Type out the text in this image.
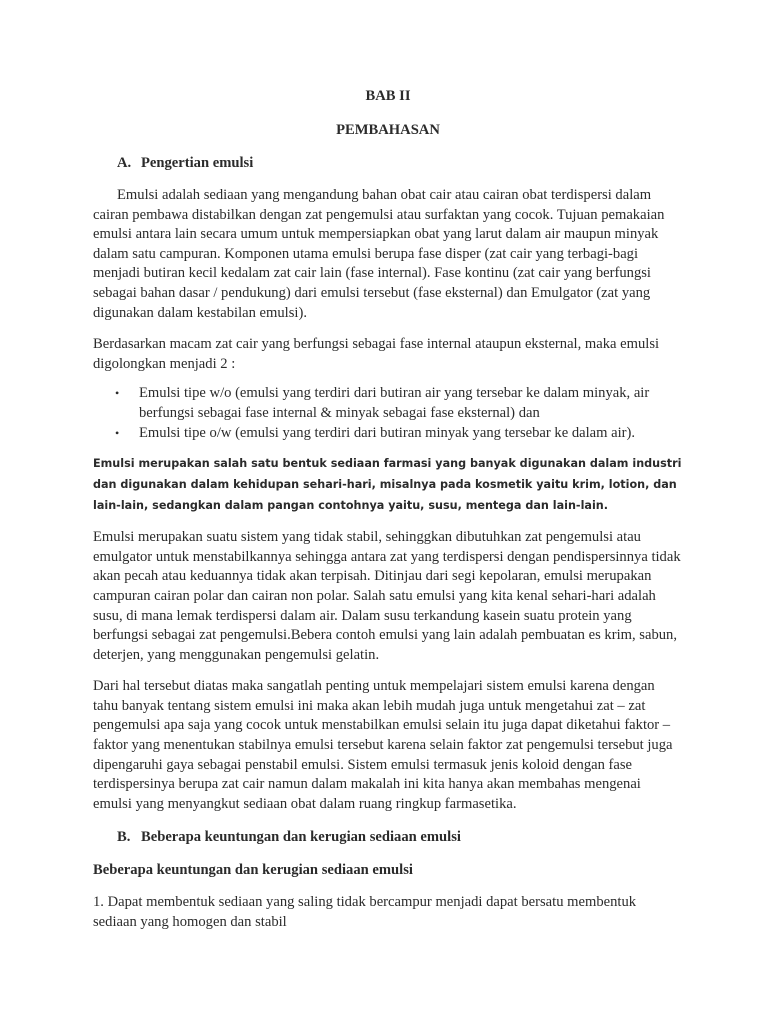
BAB II

PEMBAHASAN

A. Pengertian emulsi

Emulsi adalah sediaan yang mengandung bahan obat cair atau cairan obat terdispersi dalam cairan pembawa distabilkan dengan zat pengemulsi atau surfaktan yang cocok. Tujuan pemakaian emulsi antara lain secara umum untuk mempersiapkan obat yang larut dalam air maupun minyak dalam satu campuran. Komponen utama emulsi berupa fase disper (zat cair yang terbagi-bagi menjadi butiran kecil kedalam zat cair lain (fase internal). Fase kontinu (zat cair yang berfungsi sebagai bahan dasar / pendukung) dari emulsi tersebut (fase eksternal) dan Emulgator (zat yang digunakan dalam kestabilan emulsi).

Berdasarkan macam zat cair yang berfungsi sebagai fase internal ataupun eksternal, maka emulsi digolongkan menjadi 2 :

• Emulsi tipe w/o (emulsi yang terdiri dari butiran air yang tersebar ke dalam minyak, air berfungsi sebagai fase internal & minyak sebagai fase eksternal) dan
• Emulsi tipe o/w (emulsi yang terdiri dari butiran minyak yang tersebar ke dalam air).

Emulsi merupakan salah satu bentuk sediaan farmasi yang banyak digunakan dalam industri dan digunakan dalam kehidupan sehari-hari, misalnya pada kosmetik yaitu krim, lotion, dan lain-lain, sedangkan dalam pangan contohnya yaitu, susu, mentega dan lain-lain.

Emulsi merupakan suatu sistem yang tidak stabil, sehinggkan dibutuhkan zat pengemulsi atau emulgator untuk menstabilkannya sehingga antara zat yang terdispersi dengan pendispersinnya tidak akan pecah atau keduannya tidak akan terpisah. Ditinjau dari segi kepolaran, emulsi merupakan campuran cairan polar dan cairan non polar. Salah satu emulsi yang kita kenal sehari-hari adalah susu, di mana lemak terdispersi dalam air. Dalam susu terkandung kasein suatu protein yang berfungsi sebagai zat pengemulsi.Bebera contoh emulsi yang lain adalah pembuatan es krim, sabun, deterjen, yang menggunakan pengemulsi gelatin.

Dari hal tersebut diatas maka sangatlah penting untuk mempelajari sistem emulsi karena dengan tahu banyak tentang sistem emulsi ini maka akan lebih mudah juga untuk mengetahui zat – zat pengemulsi apa saja yang cocok untuk menstabilkan emulsi selain itu juga dapat diketahui faktor – faktor yang menentukan stabilnya emulsi tersebut karena selain faktor zat pengemulsi tersebut juga dipengaruhi gaya sebagai penstabil emulsi. Sistem emulsi termasuk jenis koloid dengan fase terdispersinya berupa zat cair namun dalam makalah ini kita hanya akan membahas mengenai emulsi yang menyangkut sediaan obat dalam ruang ringkup farmasetika.

B. Beberapa keuntungan dan kerugian sediaan emulsi

Beberapa keuntungan dan kerugian sediaan emulsi

1. Dapat membentuk sediaan yang saling tidak bercampur menjadi dapat bersatu membentuk sediaan yang homogen dan stabil
